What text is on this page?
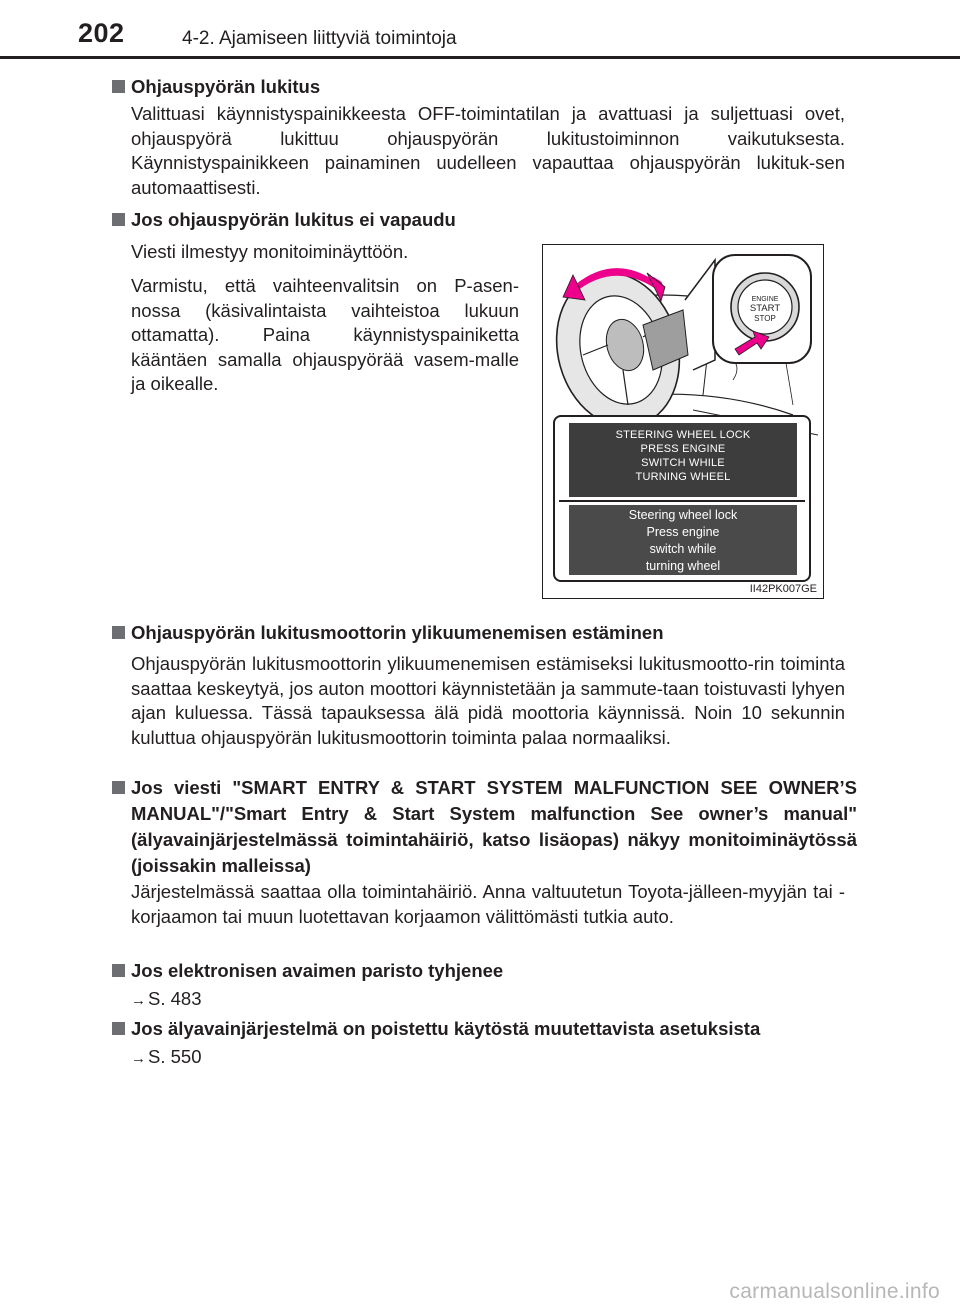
202	4-2. Ajamiseen liittyviä toimintoja
Ohjauspyörän lukitus
Valittuasi käynnistyspainikkeesta OFF-toimintatilan ja avattuasi ja suljettuasi ovet, ohjauspyörä lukittuu ohjauspyörän lukitustoiminnon vaikutuksesta. Käynnistyspainikkeen painaminen uudelleen vapauttaa ohjauspyörän lukituk-sen automaattisesti.
Jos ohjauspyörän lukitus ei vapaudu
Viesti ilmestyy monitoiminäyttöön.
Varmistu, että vaihteenvalitsin on P-asen-nossa (käsivalintaista vaihteistoa lukuun ottamatta). Paina käynnistyspainiketta kääntäen samalla ohjauspyörää vasem-malle ja oikealle.
ENGINE
START
STOP
STEERING WHEEL LOCK
PRESS ENGINE
SWITCH WHILE
TURNING WHEEL
Steering wheel lock
Press engine
switch while
turning wheel
II42PK007GE
Ohjauspyörän lukitusmoottorin ylikuumenemisen estäminen
Ohjauspyörän lukitusmoottorin ylikuumenemisen estämiseksi lukitusmootto-rin toiminta saattaa keskeytyä, jos auton moottori käynnistetään ja sammute-taan toistuvasti lyhyen ajan kuluessa. Tässä tapauksessa älä pidä moottoria käynnissä. Noin 10 sekunnin kuluttua ohjauspyörän lukitusmoottorin toiminta palaa normaaliksi.
Jos viesti "SMART ENTRY & START SYSTEM MALFUNCTION SEE OWNER’S MANUAL"/"Smart Entry & Start System malfunction See owner’s manual" (älyavainjärjestelmässä toimintahäiriö, katso lisäopas) näkyy monitoiminäytössä (joissakin malleissa)
Järjestelmässä saattaa olla toimintahäiriö. Anna valtuutetun Toyota-jälleen-myyjän tai -korjaamon tai muun luotettavan korjaamon välittömästi tutkia auto.
Jos elektronisen avaimen paristo tyhjenee
→ S. 483
Jos älyavainjärjestelmä on poistettu käytöstä muutettavista asetuksista
→ S. 550
carmanualsonline.info
